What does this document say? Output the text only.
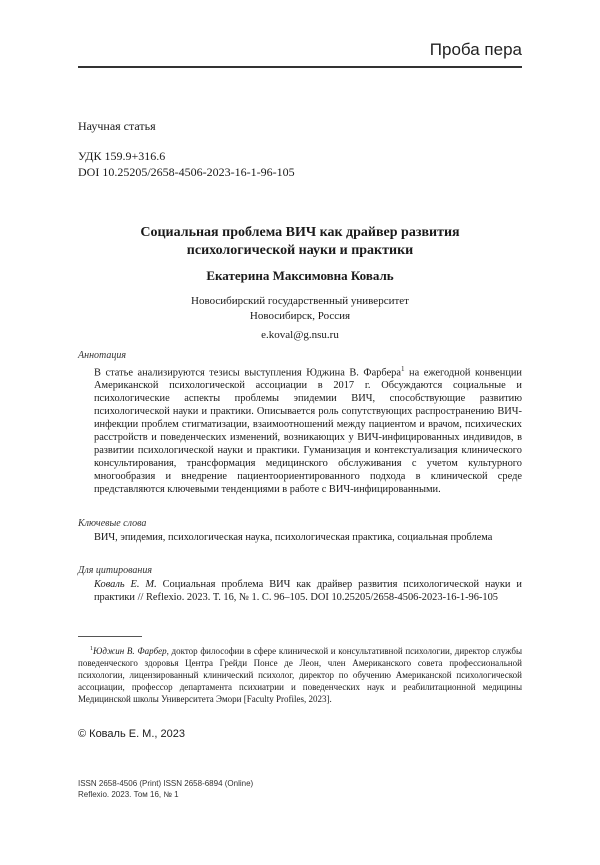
Проба пера
Научная статья
УДК 159.9+316.6
DOI 10.25205/2658-4506-2023-16-1-96-105
Социальная проблема ВИЧ как драйвер развития
психологической науки и практики
Екатерина Максимовна Коваль
Новосибирский государственный университет
Новосибирск, Россия
e.koval@g.nsu.ru
Аннотация
В статье анализируются тезисы выступления Юджина В. Фарбера$^1$ на ежегодной конвенции Американской психологической ассоциации в 2017 г. Обсуждаются социальные и психологические аспекты проблемы эпидемии ВИЧ, способствующие развитию психологической науки и практики. Описывается роль сопутствующих распространению ВИЧ-инфекции проблем стигматизации, взаимоотношений между пациентом и врачом, психических расстройств и поведенческих изменений, возникающих у ВИЧ-инфицированных индивидов, в развитии психологической науки и практики. Гуманизация и контекстуализация клинического консультирования, трансформация медицинского обслуживания с учетом культурного многообразия и внедрение пациентоориентированного подхода в клинической среде представляются ключевыми тенденциями в работе с ВИЧ-инфицированными.
Ключевые слова
ВИЧ, эпидемия, психологическая наука, психологическая практика, социальная проблема
Для цитирования
Коваль Е. М. Социальная проблема ВИЧ как драйвер развития психологической науки и практики // Reflexio. 2023. Т. 16, № 1. С. 96–105. DOI 10.25205/2658-4506-2023-16-1-96-105
$^1$Юджин В. Фарбер, доктор философии в сфере клинической и консультативной психологии, директор службы поведенческого здоровья Центра Грейди Понсе де Леон, член Американского совета профессиональной психологии, лицензированный клинический психолог, директор по обучению Американской психологической ассоциации, профессор департамента психиатрии и поведенческих наук и реабилитационной медицины Медицинской школы Университета Эмори [Faculty Profiles, 2023].
© Коваль Е. М., 2023
ISSN 2658-4506 (Print) ISSN 2658-6894 (Online)
Reflexio. 2023. Том 16, № 1
